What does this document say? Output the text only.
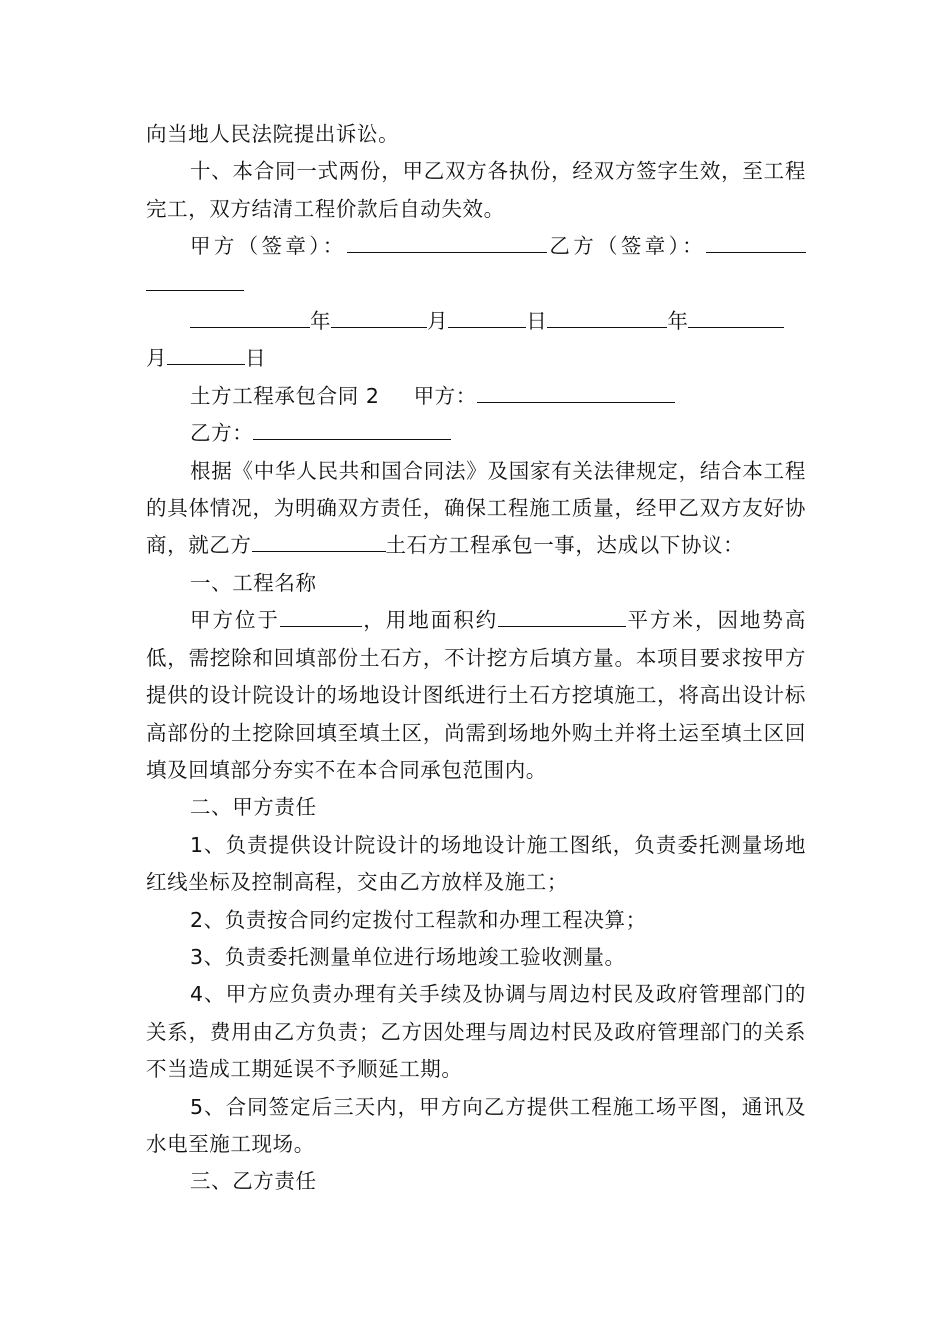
向当地人民法院提出诉讼。

十、本合同一式两份，甲乙双方各执份，经双方签字生效，至工程完工，双方结清工程价款后自动失效。

甲方（签章）：	乙方（签章）：

年	月	日	年

月	日

土方工程承包合同 2 甲方：

乙方：

根据《中华人民共和国合同法》及国家有关法律规定，结合本工程的具体情况，为明确双方责任，确保工程施工质量，经甲乙双方友好协商，就乙方	土石方工程承包一事，达成以下协议：

一、工程名称

甲方位于	，用地面积约	平方米，因地势高低，需挖除和回填部份土石方，不计挖方后填方量。本项目要求按甲方提供的设计院设计的场地设计图纸进行土石方挖填施工，将高出设计标高部份的土挖除回填至填土区，尚需到场地外购土并将土运至填土区回填及回填部分夯实不在本合同承包范围内。

二、甲方责任

1、负责提供设计院设计的场地设计施工图纸，负责委托测量场地红线坐标及控制高程，交由乙方放样及施工；

2、负责按合同约定拨付工程款和办理工程决算；

3、负责委托测量单位进行场地竣工验收测量。

4、甲方应负责办理有关手续及协调与周边村民及政府管理部门的关系，费用由乙方负责；乙方因处理与周边村民及政府管理部门的关系不当造成工期延误不予顺延工期。

5、合同签定后三天内，甲方向乙方提供工程施工场平图，通讯及水电至施工现场。

三、乙方责任
